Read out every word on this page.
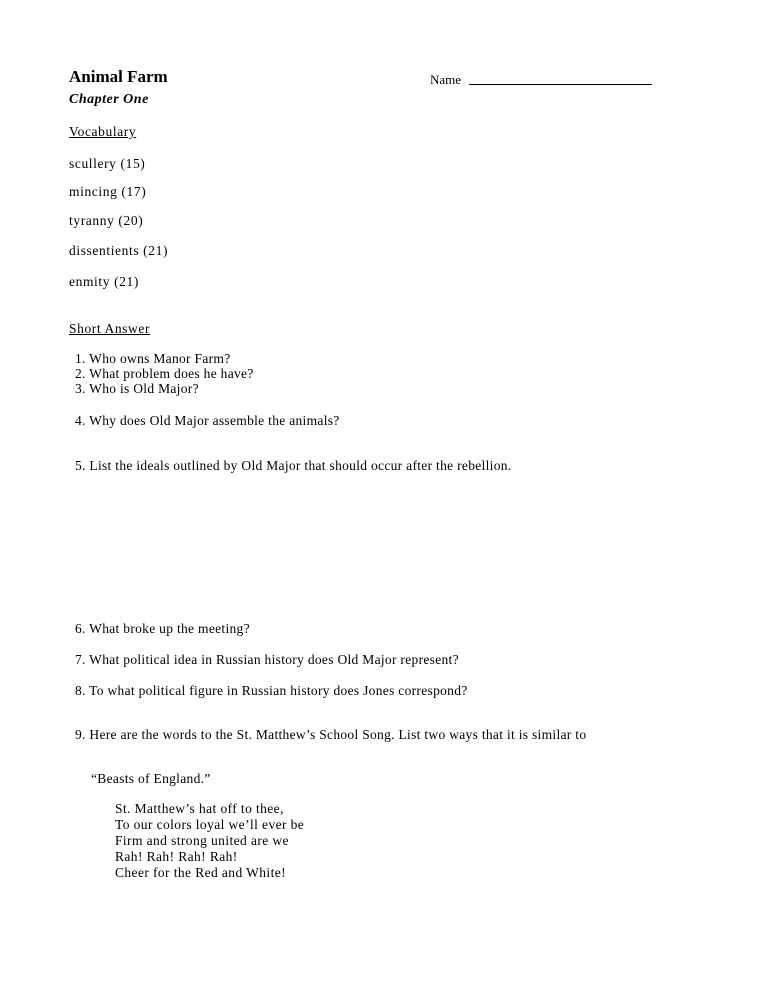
Animal Farm
Chapter One
Name
Vocabulary
scullery (15)
mincing (17)
tyranny (20)
dissentients (21)
enmity (21)
Short Answer
1. Who owns Manor Farm?
2. What problem does he have?
3. Who is Old Major?
4. Why does Old Major assemble the animals?
5. List the ideals outlined by Old Major that should occur after the rebellion.
6. What broke up the meeting?
7. What political idea in Russian history does Old Major represent?
8. To what political figure in Russian history does Jones correspond?
9. Here are the words to the St. Matthew’s School Song. List two ways that it is similar to
“Beasts of England.”
St. Matthew’s hat off to thee,
To our colors loyal we’ll ever be
Firm and strong united are we
Rah! Rah! Rah! Rah!
Cheer for the Red and White!
